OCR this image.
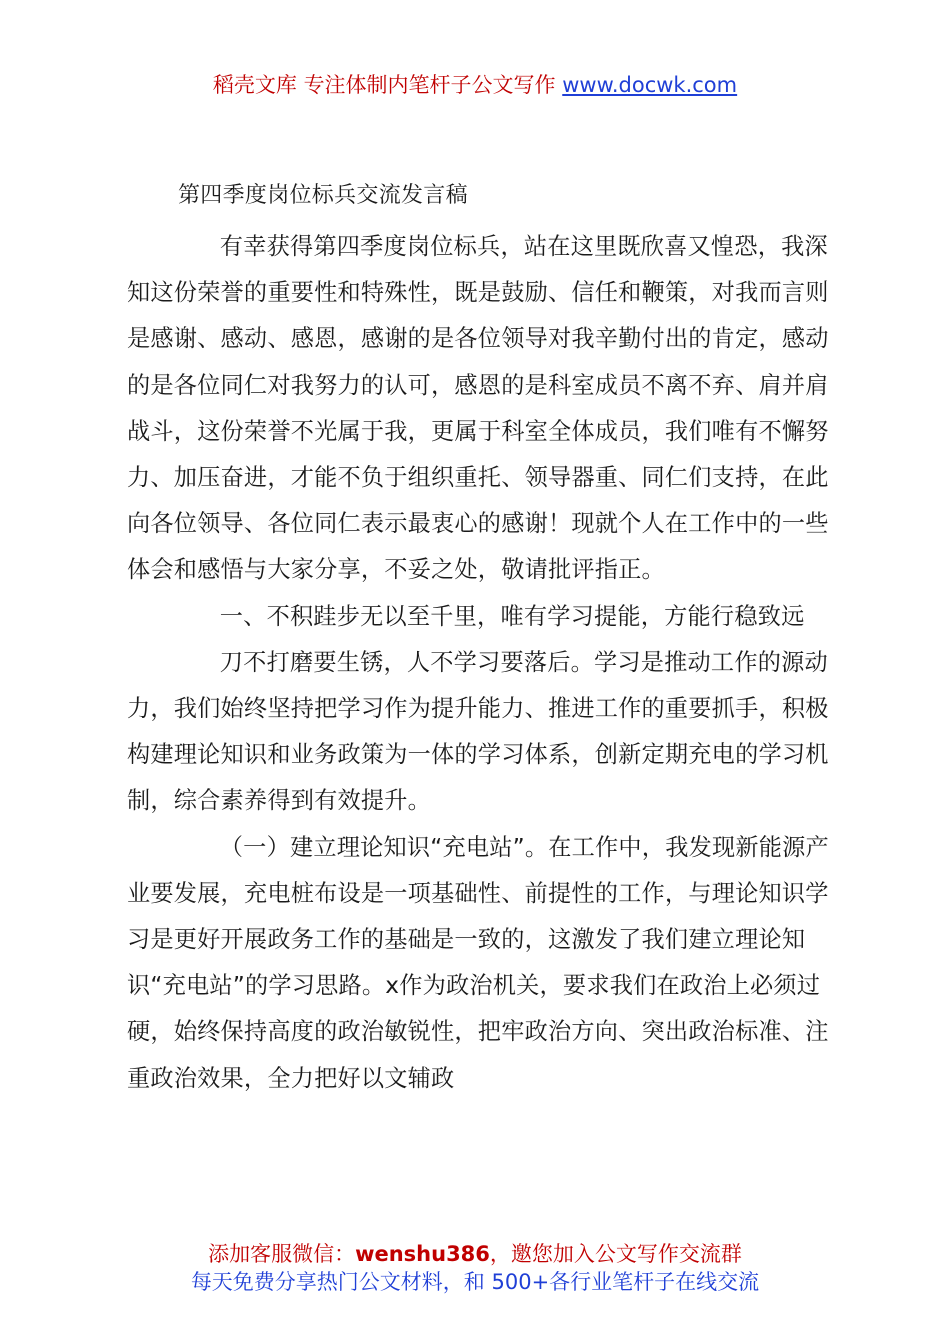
稻壳文库 专注体制内笔杆子公文写作 www.docwk.com
第四季度岗位标兵交流发言稿

有幸获得第四季度岗位标兵，站在这里既欣喜又惶恐，我深知这份荣誉的重要性和特殊性，既是鼓励、信任和鞭策，对我而言则是感谢、感动、感恩，感谢的是各位领导对我辛勤付出的肯定，感动的是各位同仁对我努力的认可，感恩的是科室成员不离不弃、肩并肩战斗，这份荣誉不光属于我，更属于科室全体成员，我们唯有不懈努力、加压奋进，才能不负于组织重托、领导器重、同仁们支持，在此向各位领导、各位同仁表示最衷心的感谢！现就个人在工作中的一些体会和感悟与大家分享，不妥之处，敬请批评指正。

一、不积跬步无以至千里，唯有学习提能，方能行稳致远

刀不打磨要生锈，人不学习要落后。学习是推动工作的源动力，我们始终坚持把学习作为提升能力、推进工作的重要抓手，积极构建理论知识和业务政策为一体的学习体系，创新定期充电的学习机制，综合素养得到有效提升。

（一）建立理论知识“充电站”。在工作中，我发现新能源产业要发展，充电桩布设是一项基础性、前提性的工作，与理论知识学习是更好开展政务工作的基础是一致的，这激发了我们建立理论知识“充电站”的学习思路。x作为政治机关，要求我们在政治上必须过硬，始终保持高度的政治敏锐性，把牢政治方向、突出政治标准、注重政治效果，全力把好以文辅政

添加客服微信：wenshu386，邀您加入公文写作交流群
每天免费分享热门公文材料，和 500+各行业笔杆子在线交流
